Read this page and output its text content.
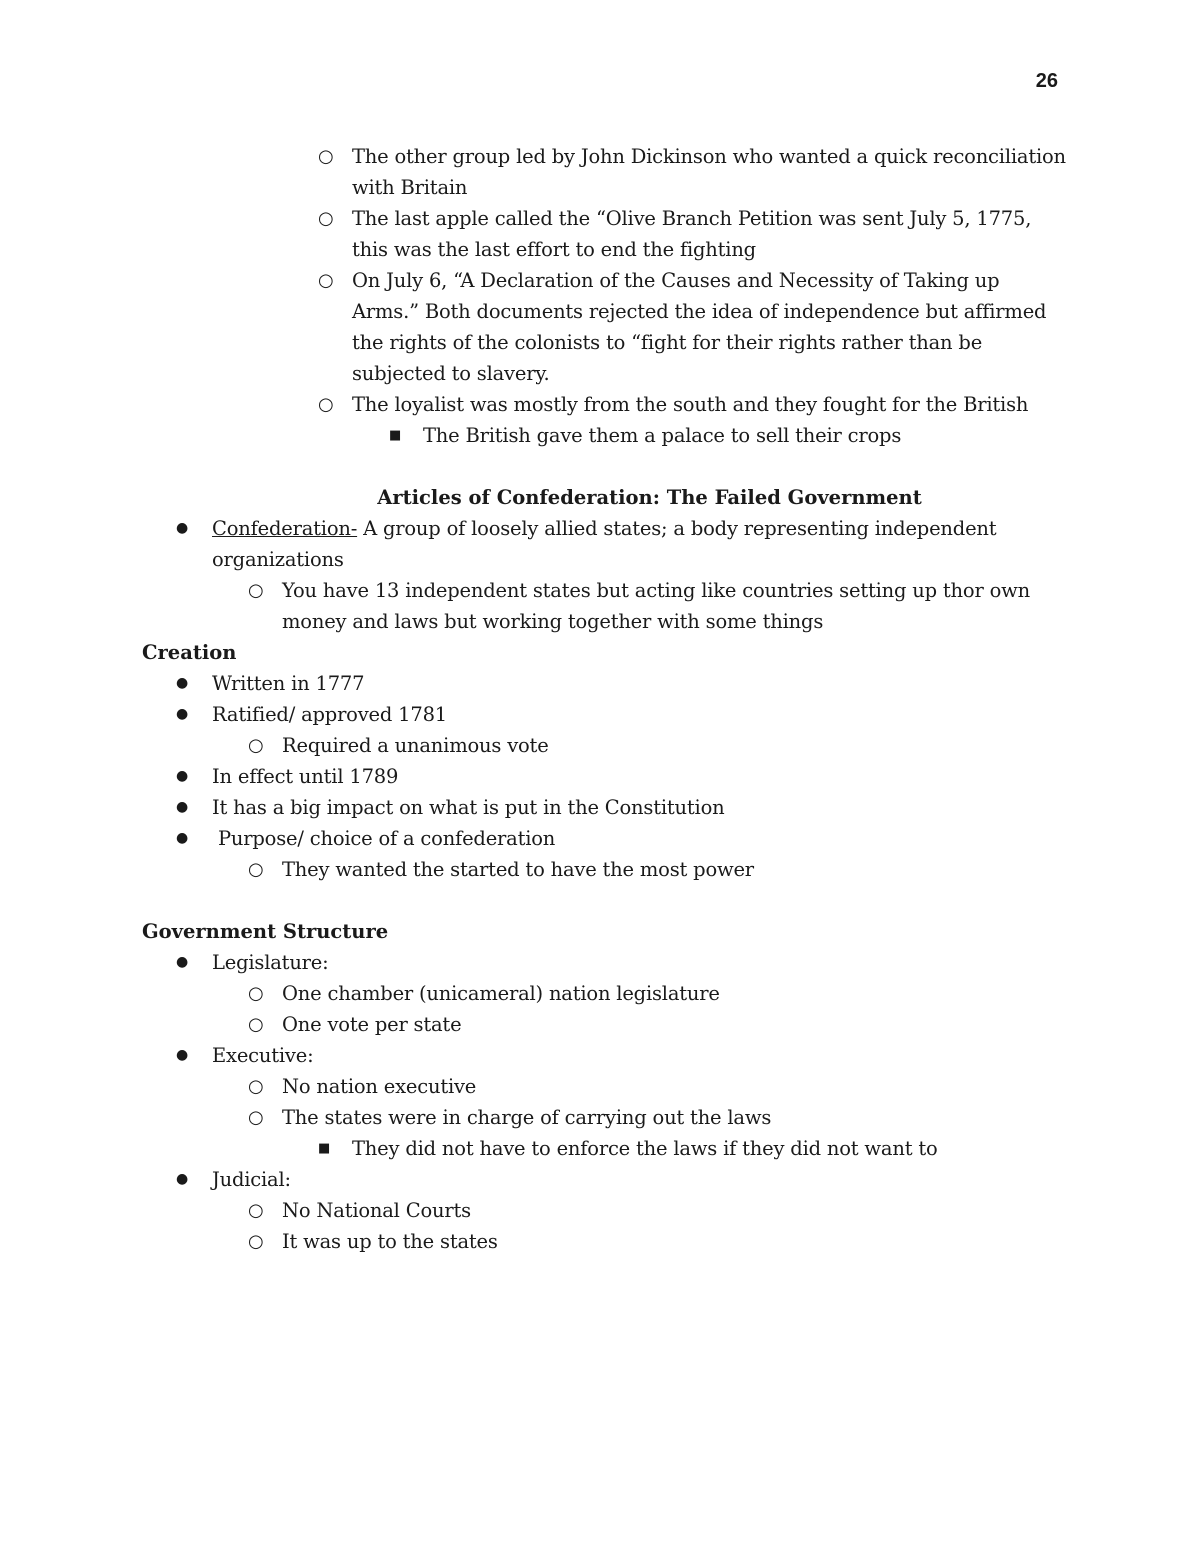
26
○ The other group led by John Dickinson who wanted a quick reconciliation with Britain
○ The last apple called the “Olive Branch Petition was sent July 5, 1775, this was the last effort to end the fighting
○ On July 6, “A Declaration of the Causes and Necessity of Taking up Arms.” Both documents rejected the idea of independence but affirmed the rights of the colonists to “fight for their rights rather than be subjected to slavery.
○ The loyalist was mostly from the south and they fought for the British
■ The British gave them a palace to sell their crops
Articles of Confederation: The Failed Government
● Confederation- A group of loosely allied states; a body representing independent organizations
○ You have 13 independent states but acting like countries setting up thor own money and laws but working together with some things
Creation
● Written in 1777
● Ratified/ approved 1781
○ Required a unanimous vote
● In effect until 1789
● It has a big impact on what is put in the Constitution
● Purpose/ choice of a confederation
○ They wanted the started to have the most power
Government Structure
● Legislature:
○ One chamber (unicameral) nation legislature
○ One vote per state
● Executive:
○ No nation executive
○ The states were in charge of carrying out the laws
■ They did not have to enforce the laws if they did not want to
● Judicial:
○ No National Courts
○ It was up to the states
